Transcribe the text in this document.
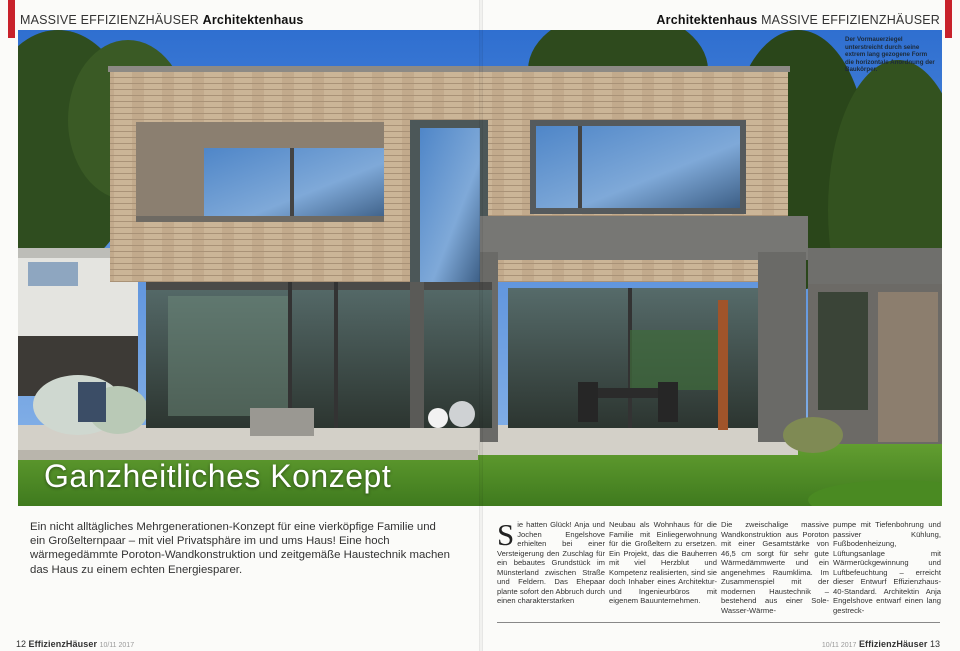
MASSIVE EFFIZIENZHÄUSER Architektenhaus	Architektenhaus MASSIVE EFFIZIENZHÄUSER
Der Vormauerziegel unterstreicht durch seine extrem lang gezogene Form die horizontale Anordnung der Baukörper.
Ganzheitliches Konzept
Ein nicht alltägliches Mehrgenerationen-Konzept für eine vierköpfige Familie und ein Großelternpaar – mit viel Privatsphäre im und ums Haus! Eine hoch wärmegedämmte Poroton-Wandkonstruktion und zeitgemäße Haustechnik machen das Haus zu einem echten Energiesparer.
Sie hatten Glück! Anja und Jochen Engelshove erhielten bei einer Versteigerung den Zuschlag für ein bebautes Grundstück im Münsterland zwischen Straße und Feldern. Das Ehepaar plante sofort den Abbruch durch einen charakterstarken
Neubau als Wohnhaus für die Familie mit Einliegerwohnung für die Großeltern zu ersetzen. Ein Projekt, das die Bauherren mit viel Herzblut und Kompetenz realisierten, sind sie doch Inhaber eines Architektur- und Ingenieurbüros mit eigenem Bauunternehmen.
Die zweischalige massive Wandkonstruktion aus Poroton mit einer Gesamtstärke von 46,5 cm sorgt für sehr gute Wärmedämmwerte und ein angenehmes Raumklima. Im Zusammenspiel mit der modernen Haustechnik – bestehend aus einer Sole-Wasser-Wärme-
pumpe mit Tiefenbohrung und passiver Kühlung, Fußbodenheizung, Lüftungsanlage mit Wärmerückgewinnung und Luftbefeuchtung – erreicht dieser Entwurf Effizienzhaus-40-Standard. Architektin Anja Engelshove entwarf einen lang gestreck-
12 EffizienzHäuser 10/11 2017	10/11 2017 EffizienzHäuser 13
